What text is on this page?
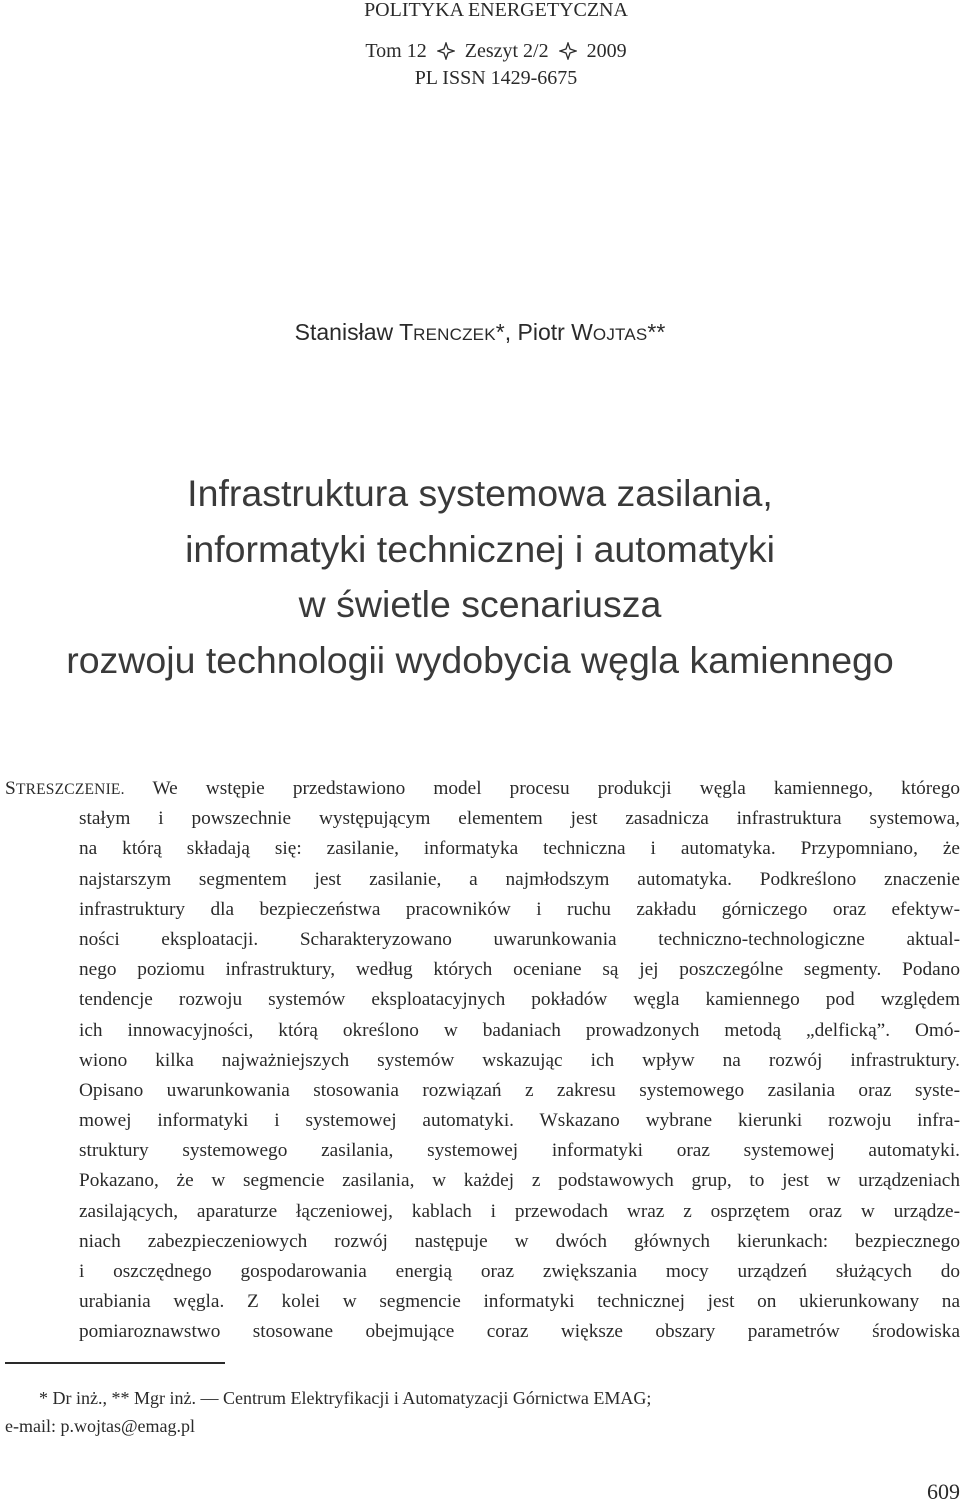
POLITYKA ENERGETYCZNA
Tom 12 Zeszyt 2/2 2009
PL ISSN 1429-6675
Stanisław TRENCZEK*, Piotr WOJTAS**
Infrastruktura systemowa zasilania,
informatyki technicznej i automatyki
w świetle scenariusza
rozwoju technologii wydobycia węgla kamiennego
STRESZCZENIE. We wstępie przedstawiono model procesu produkcji węgla kamiennego, którego
stałym i powszechnie występującym elementem jest zasadnicza infrastruktura systemowa,
na którą składają się: zasilanie, informatyka techniczna i automatyka. Przypomniano, że
najstarszym segmentem jest zasilanie, a najmłodszym automatyka. Podkreślono znaczenie
infrastruktury dla bezpieczeństwa pracowników i ruchu zakładu górniczego oraz efektyw-
ności eksploatacji. Scharakteryzowano uwarunkowania techniczno-technologiczne aktual-
nego poziomu infrastruktury, według których oceniane są jej poszczególne segmenty. Podano
tendencje rozwoju systemów eksploatacyjnych pokładów węgla kamiennego pod względem
ich innowacyjności, którą określono w badaniach prowadzonych metodą „delficką”. Omó-
wiono kilka najważniejszych systemów wskazując ich wpływ na rozwój infrastruktury.
Opisano uwarunkowania stosowania rozwiązań z zakresu systemowego zasilania oraz syste-
mowej informatyki i systemowej automatyki. Wskazano wybrane kierunki rozwoju infra-
struktury systemowego zasilania, systemowej informatyki oraz systemowej automatyki.
Pokazano, że w segmencie zasilania, w każdej z podstawowych grup, to jest w urządzeniach
zasilających, aparaturze łączeniowej, kablach i przewodach wraz z osprzętem oraz w urządze-
niach zabezpieczeniowych rozwój następuje w dwóch głównych kierunkach: bezpiecznego
i oszczędnego gospodarowania energią oraz zwiększania mocy urządzeń służących do
urabiania węgla. Z kolei w segmencie informatyki technicznej jest on ukierunkowany na
pomiaroznawstwo stosowane obejmujące coraz większe obszary parametrów środowiska
* Dr inż., ** Mgr inż. — Centrum Elektryfikacji i Automatyzacji Górnictwa EMAG;
e-mail: p.wojtas@emag.pl
609
